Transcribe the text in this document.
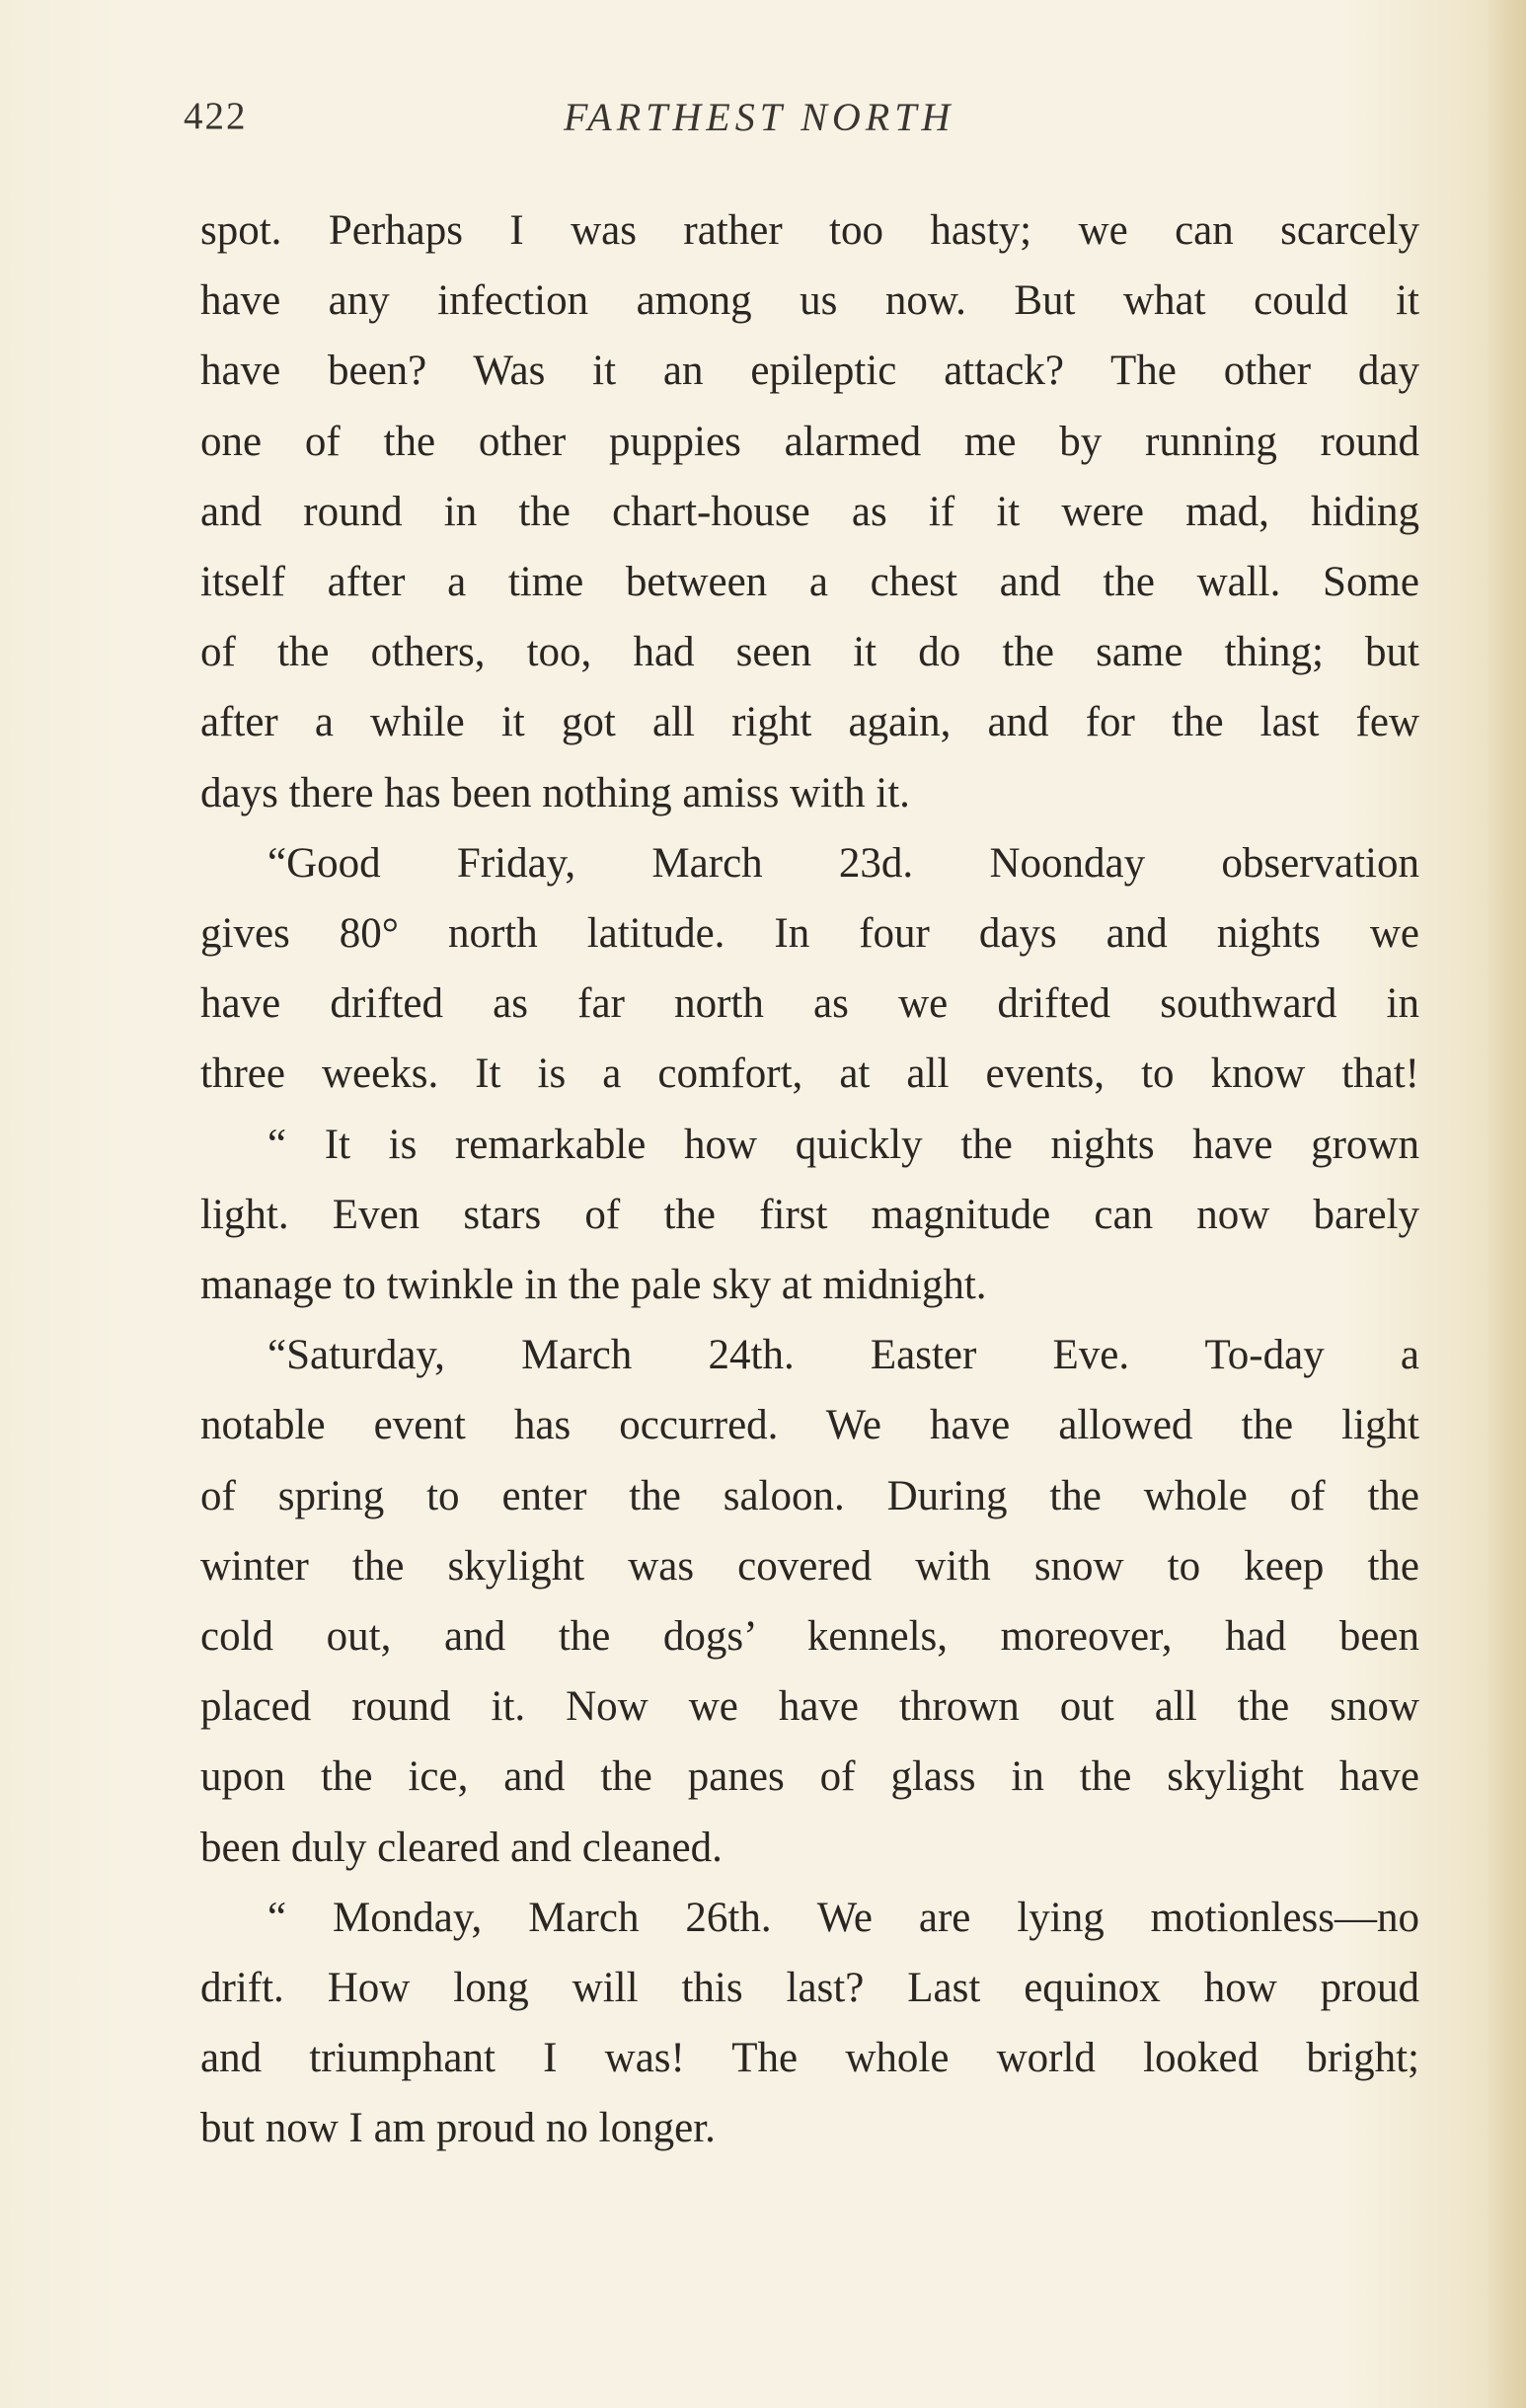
422	FARTHEST NORTH

spot. Perhaps I was rather too hasty; we can scarcely

have any infection among us now. But what could it

have been? Was it an epileptic attack? The other day

one of the other puppies alarmed me by running round

and round in the chart-house as if it were mad, hiding

itself after a time between a chest and the wall. Some

of the others, too, had seen it do the same thing; but

after a while it got all right again, and for the last few

days there has been nothing amiss with it.

“Good Friday, March 23d. Noonday observation

gives 80° north latitude. In four days and nights we

have drifted as far north as we drifted southward in

three weeks. It is a comfort, at all events, to know that!

“ It is remarkable how quickly the nights have grown

light. Even stars of the first magnitude can now barely

manage to twinkle in the pale sky at midnight.

“Saturday, March 24th. Easter Eve. To-day a

notable event has occurred. We have allowed the light

of spring to enter the saloon. During the whole of the

winter the skylight was covered with snow to keep the

cold out, and the dogs’ kennels, moreover, had been

placed round it. Now we have thrown out all the snow

upon the ice, and the panes of glass in the skylight have

been duly cleared and cleaned.

“ Monday, March 26th. We are lying motionless—no

drift. How long will this last? Last equinox how proud

and triumphant I was! The whole world looked bright;

but now I am proud no longer.
